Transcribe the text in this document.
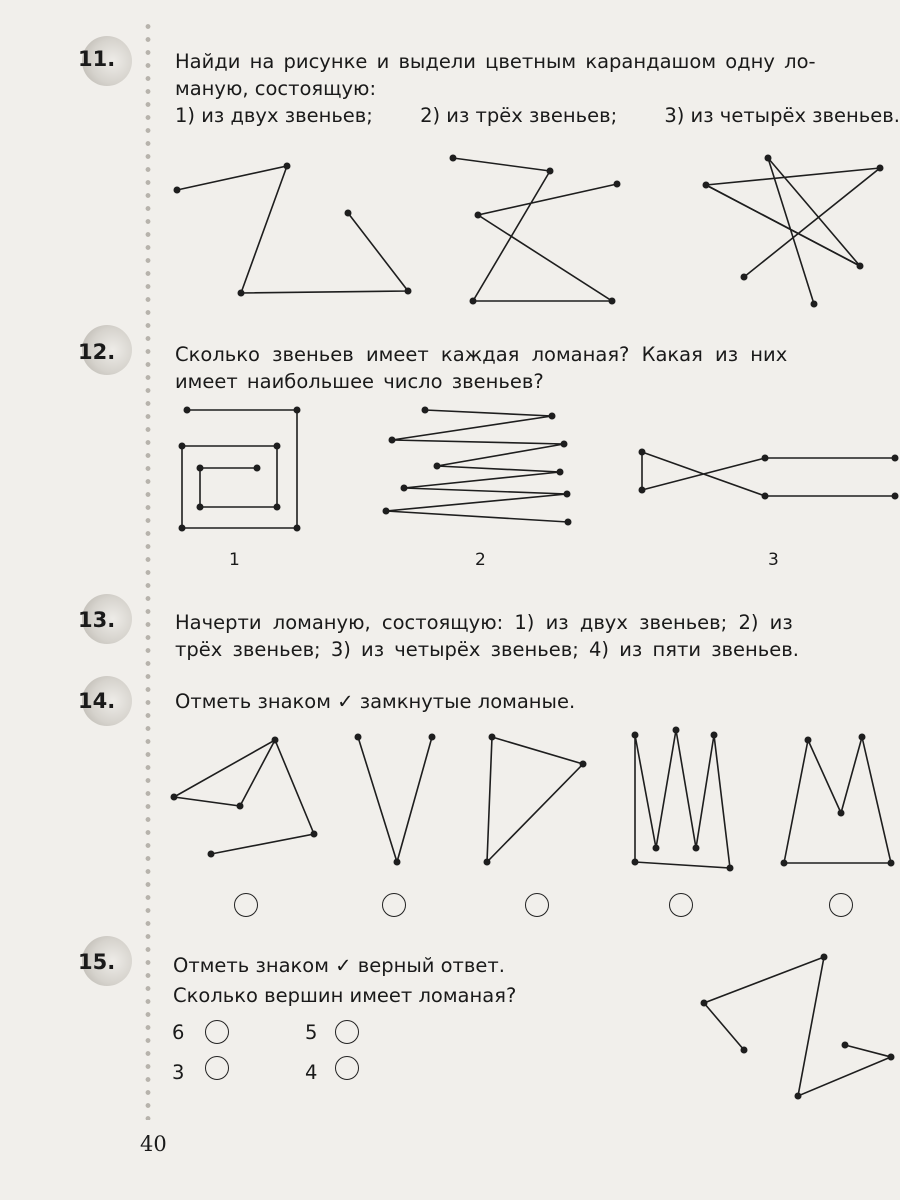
11.	Найди на рисунке и выдели цветным карандашом одну ло-
маную, состоящую:
1) из двух звеньев; 2) из трёх звеньев; 3) из четырёх звеньев.
12.	Сколько звеньев имеет каждая ломаная? Какая из них
имеет наибольшее число звеньев?
1	2	3
13.	Начерти ломаную, состоящую: 1) из двух звеньев; 2) из
трёх звеньев; 3) из четырёх звеньев; 4) из пяти звеньев.
14.	Отметь знаком ✓ замкнутые ломаные.
15.	Отметь знаком ✓ верный ответ.
Сколько вершин имеет ломаная?
6	5
3	4
40
